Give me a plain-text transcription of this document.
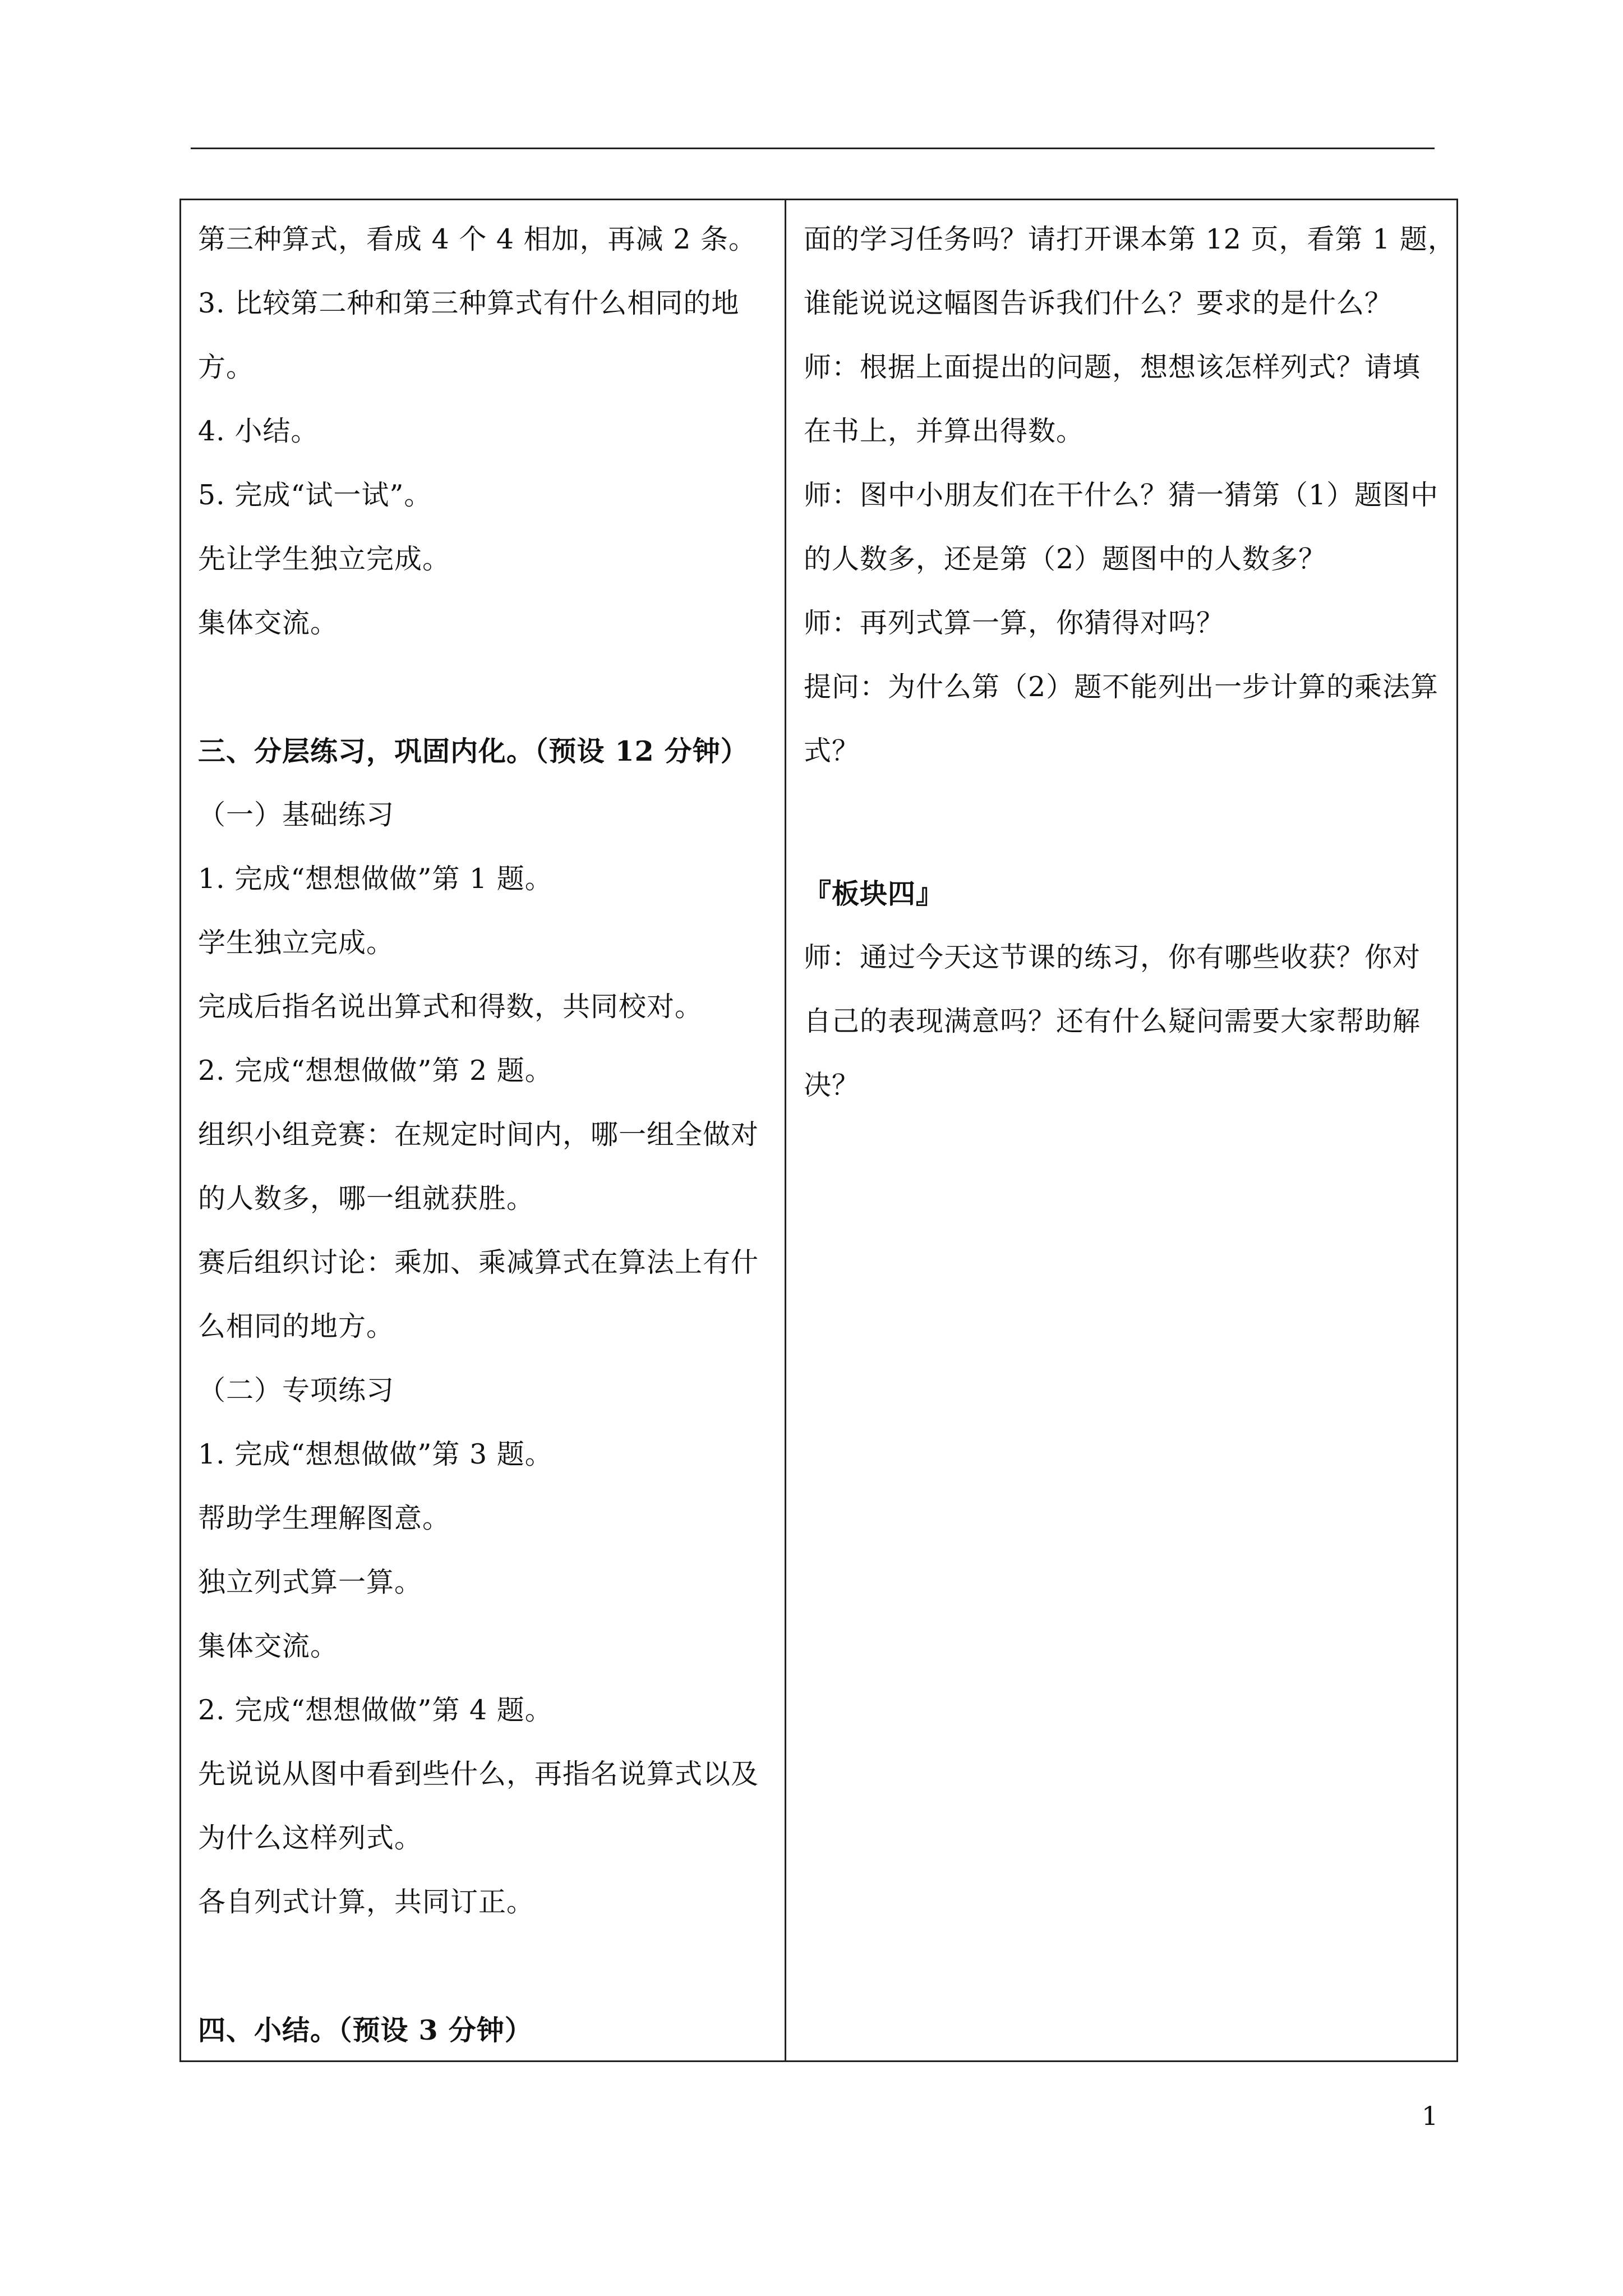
第三种算式，看成 4 个 4 相加，再减 2 条。
3. 比较第二种和第三种算式有什么相同的地
方。
4. 小结。
5. 完成“试一试”。
先让学生独立完成。
集体交流。
三、分层练习，巩固内化。（预设 12 分钟）
（一）基础练习
1. 完成“想想做做”第 1 题。
学生独立完成。
完成后指名说出算式和得数，共同校对。
2. 完成“想想做做”第 2 题。
组织小组竞赛：在规定时间内，哪一组全做对
的人数多，哪一组就获胜。
赛后组织讨论：乘加、乘减算式在算法上有什
么相同的地方。
（二）专项练习
1. 完成“想想做做”第 3 题。
帮助学生理解图意。
独立列式算一算。
集体交流。
2. 完成“想想做做”第 4 题。
先说说从图中看到些什么，再指名说算式以及
为什么这样列式。
各自列式计算，共同订正。
四、小结。（预设 3 分钟）
面的学习任务吗？请打开课本第 12 页，看第 1 题，
谁能说说这幅图告诉我们什么？要求的是什么？
师：根据上面提出的问题，想想该怎样列式？请填
在书上，并算出得数。
师：图中小朋友们在干什么？猜一猜第（1）题图中
的人数多，还是第（2）题图中的人数多？
师：再列式算一算，你猜得对吗？
提问：为什么第（2）题不能列出一步计算的乘法算
式？
『板块四』
师：通过今天这节课的练习，你有哪些收获？你对
自己的表现满意吗？还有什么疑问需要大家帮助解
决？
1
